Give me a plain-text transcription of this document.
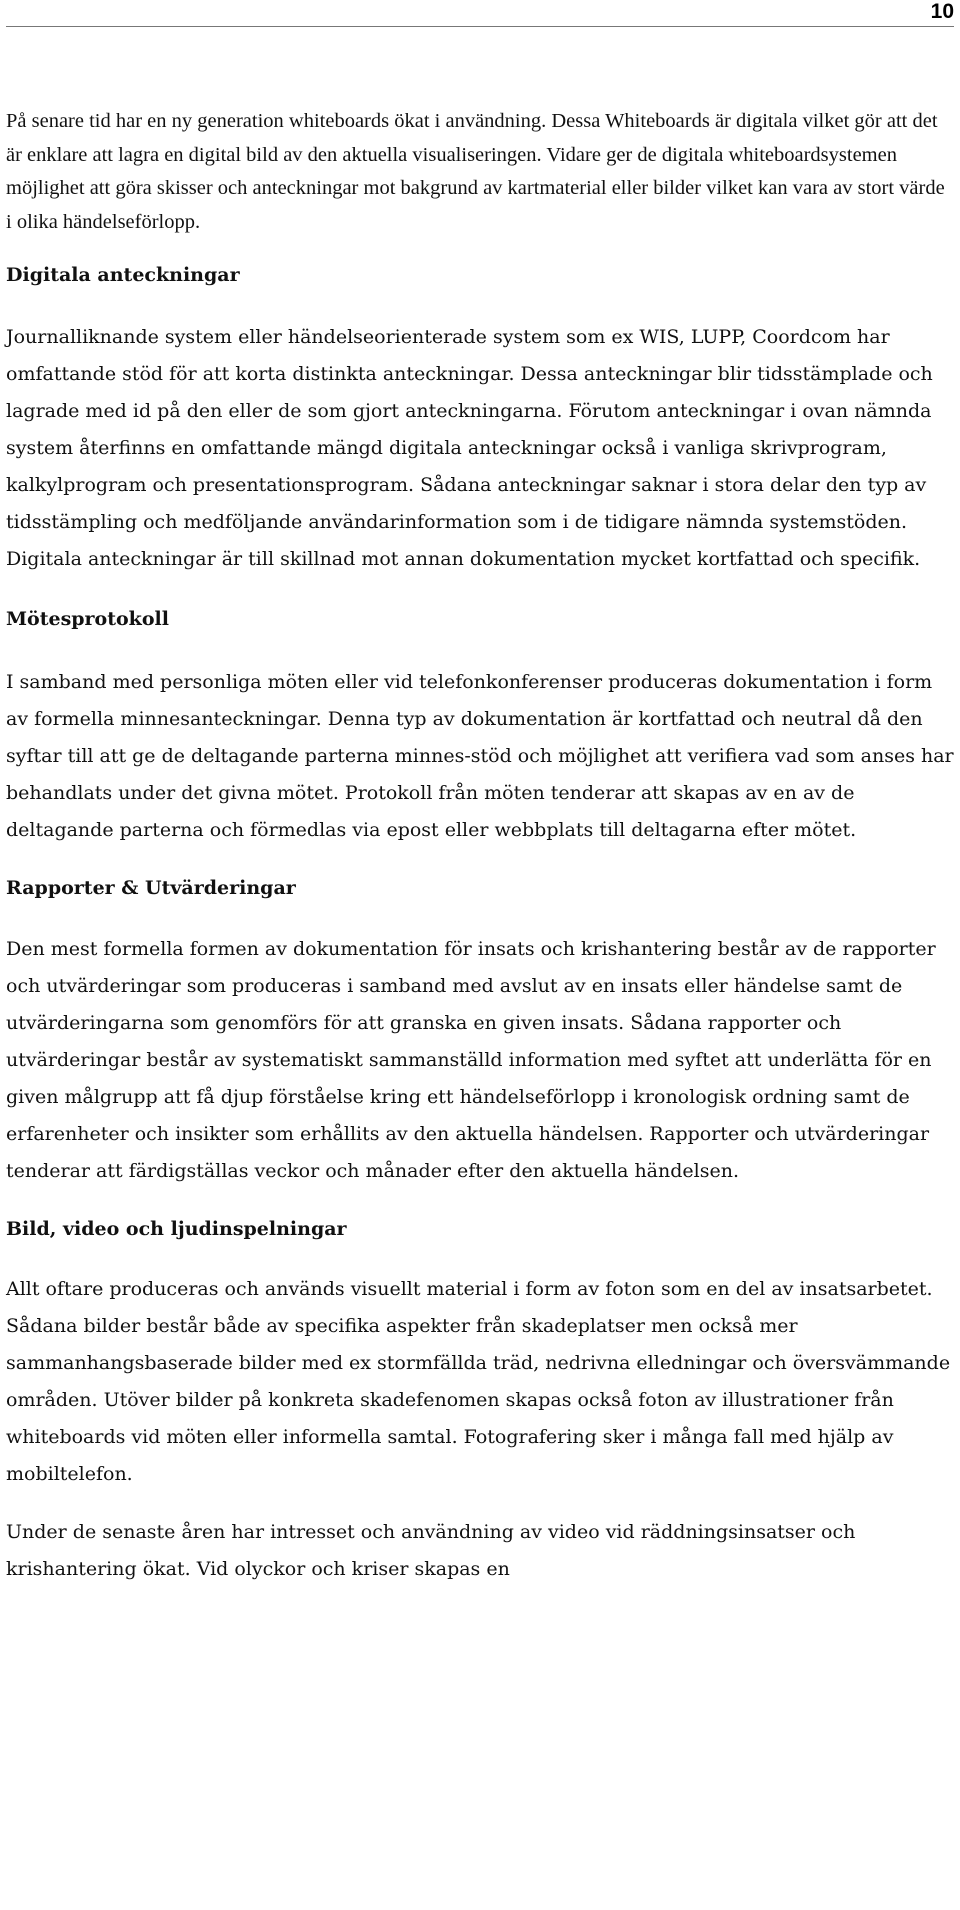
10

På senare tid har en ny generation whiteboards ökat i användning. Dessa Whiteboards är digitala vilket gör att det är enklare att lagra en digital bild av den aktuella visualiseringen. Vidare ger de digitala whiteboardsystemen möjlighet att göra skisser och anteckningar mot bakgrund av kartmaterial eller bilder vilket kan vara av stort värde i olika händelseförlopp.

Digitala anteckningar

Journalliknande system eller händelseorienterade system som ex WIS, LUPP, Coordcom har omfattande stöd för att korta distinkta anteckningar. Dessa anteckningar blir tidsstämplade och lagrade med id på den eller de som gjort anteckningarna. Förutom anteckningar i ovan nämnda system återfinns en omfattande mängd digitala anteckningar också i vanliga skrivprogram, kalkylprogram och presentationsprogram. Sådana anteckningar saknar i stora delar den typ av tidsstämpling och medföljande användarinformation som i de tidigare nämnda systemstöden. Digitala anteckningar är till skillnad mot annan dokumentation mycket kortfattad och specifik.

Mötesprotokoll

I samband med personliga möten eller vid telefonkonferenser produceras dokumentation i form av formella minnesanteckningar. Denna typ av dokumentation är kortfattad och neutral då den syftar till att ge de deltagande parterna minnes-stöd och möjlighet att verifiera vad som anses har behandlats under det givna mötet. Protokoll från möten tenderar att skapas av en av de deltagande parterna och förmedlas via epost eller webbplats till deltagarna efter mötet.

Rapporter & Utvärderingar

Den mest formella formen av dokumentation för insats och krishantering består av de rapporter och utvärderingar som produceras i samband med avslut av en insats eller händelse samt de utvärderingarna som genomförs för att granska en given insats. Sådana rapporter och utvärderingar består av systematiskt sammanställd information med syftet att underlätta för en given målgrupp att få djup förståelse kring ett händelseförlopp i kronologisk ordning samt de erfarenheter och insikter som erhållits av den aktuella händelsen. Rapporter och utvärderingar tenderar att färdigställas veckor och månader efter den aktuella händelsen.

Bild, video och ljudinspelningar

Allt oftare produceras och används visuellt material i form av foton som en del av insatsarbetet. Sådana bilder består både av specifika aspekter från skadeplatser men också mer sammanhangsbaserade bilder med ex stormfällda träd, nedrivna elledningar och översvämmande områden. Utöver bilder på konkreta skadefenomen skapas också foton av illustrationer från whiteboards vid möten eller informella samtal. Fotografering sker i många fall med hjälp av mobiltelefon.

Under de senaste åren har intresset och användning av video vid räddningsinsatser och krishantering ökat. Vid olyckor och kriser skapas en
